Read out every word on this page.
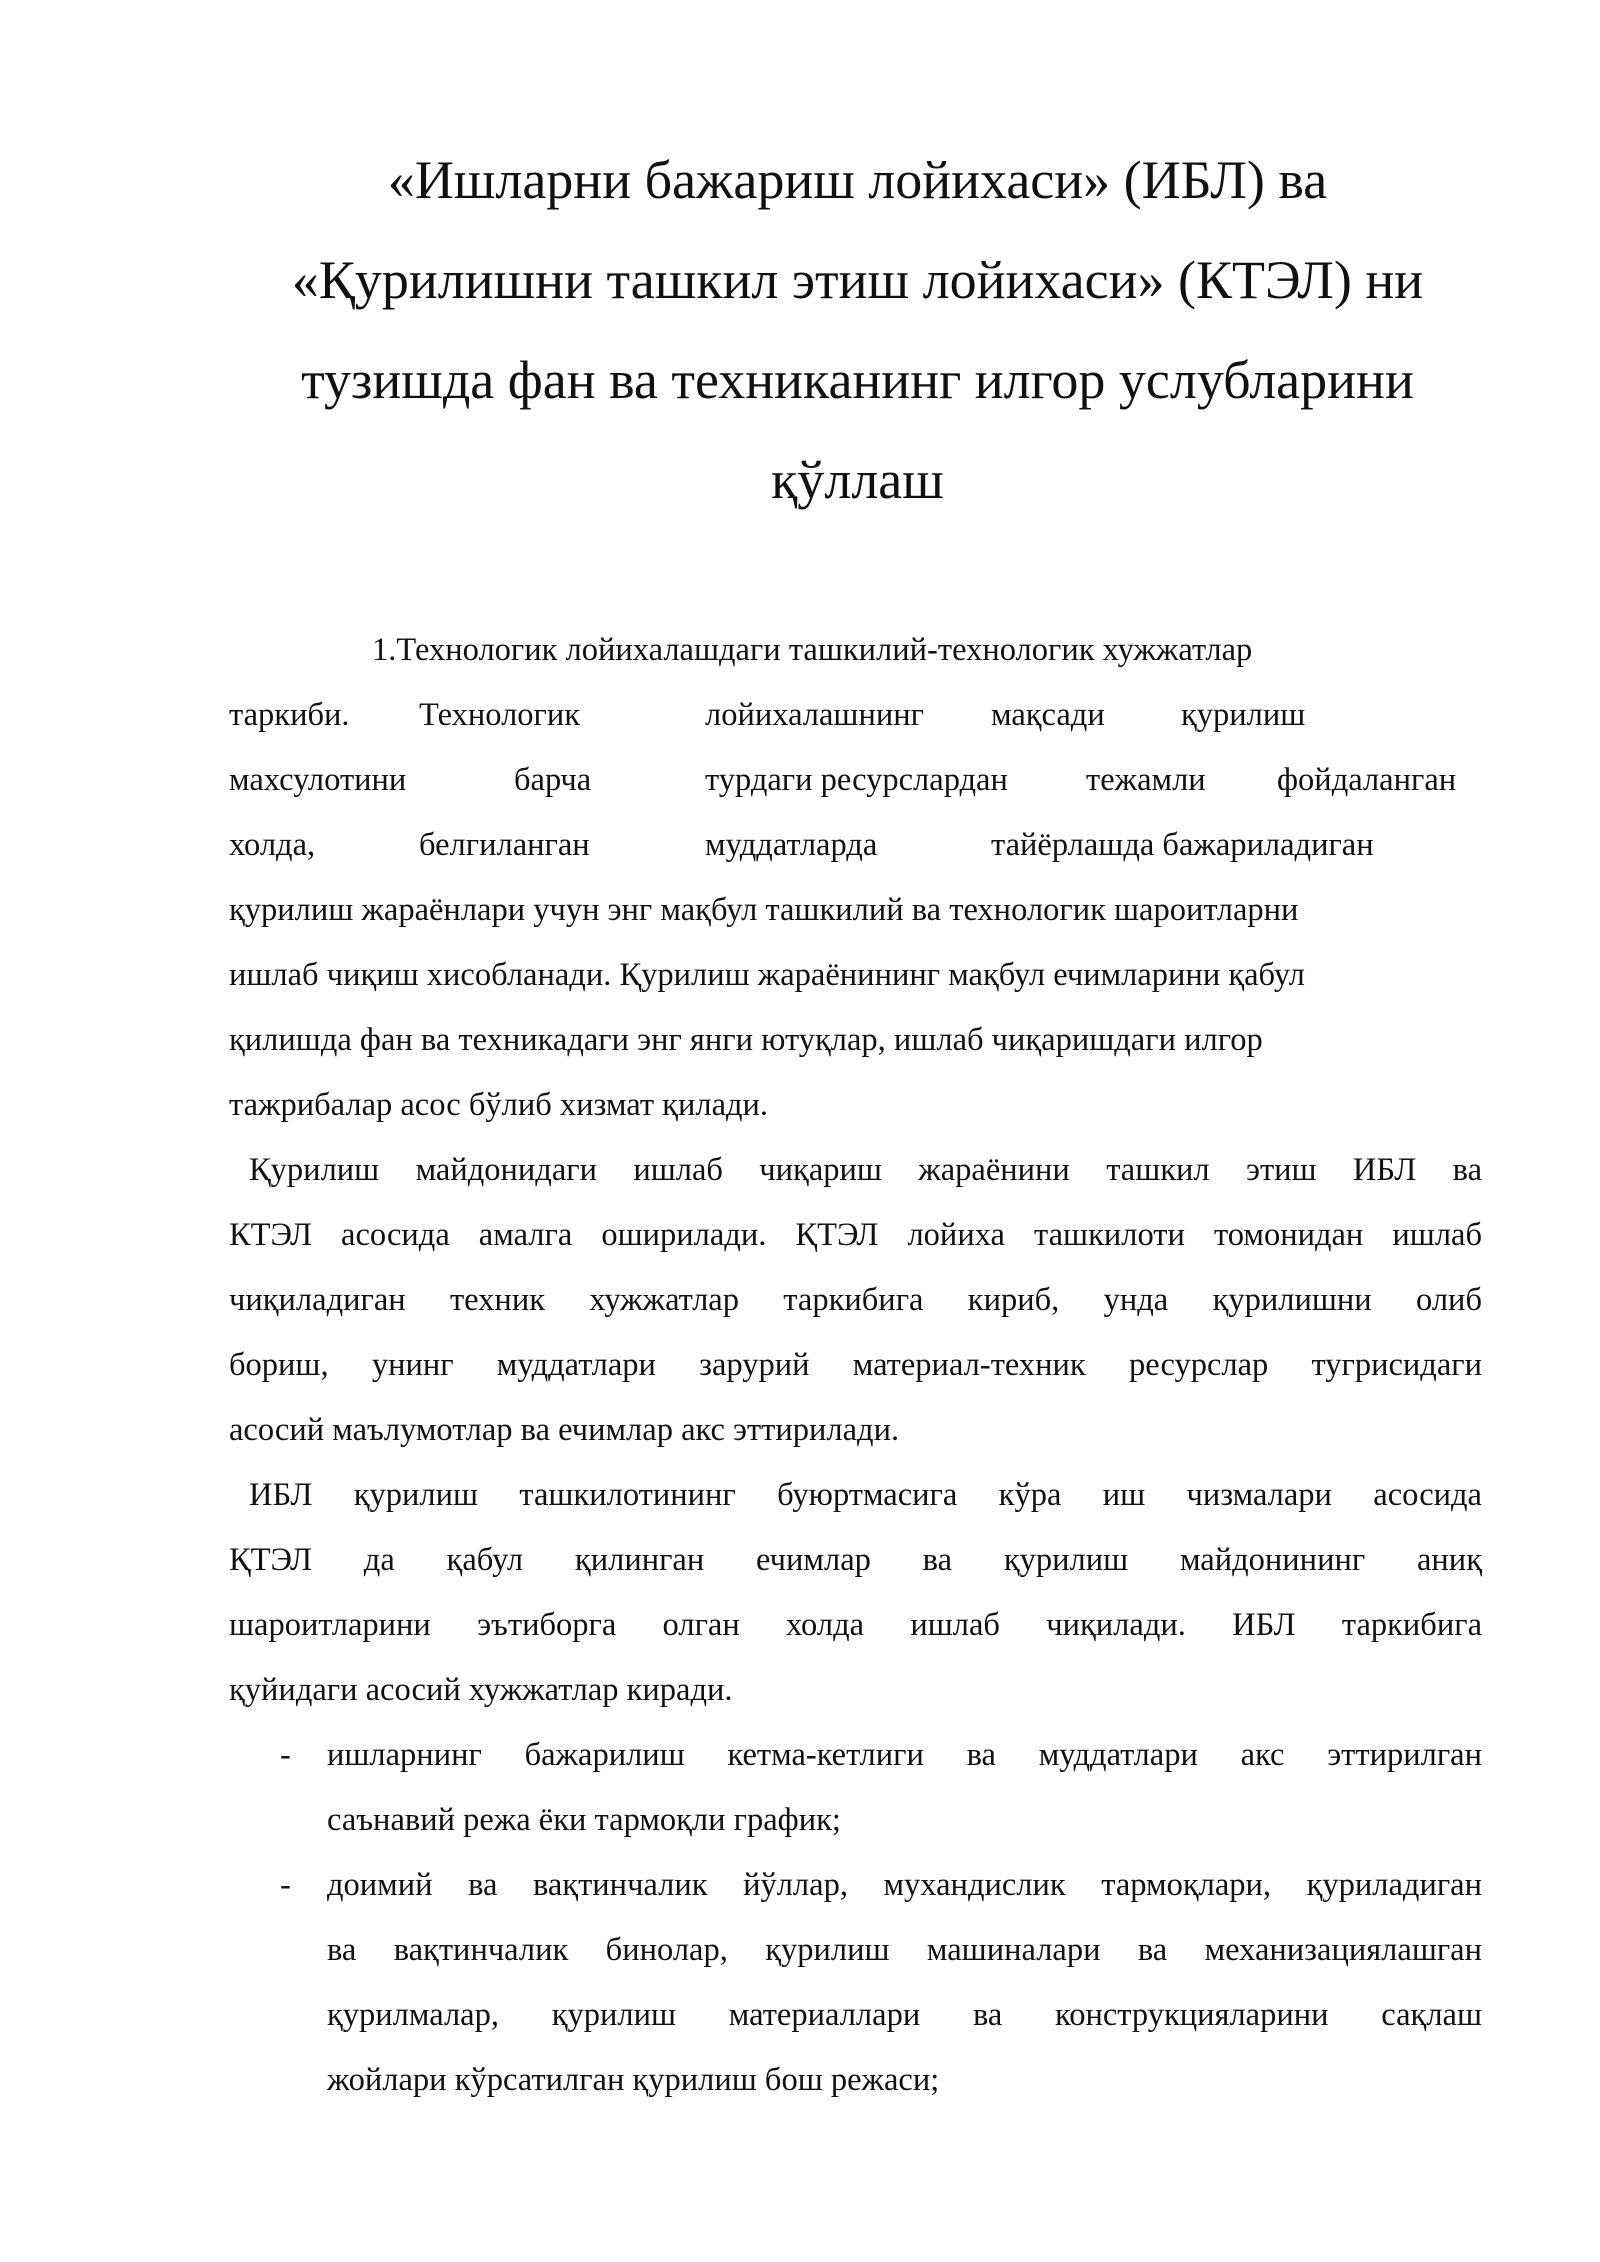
«Ишларни бажариш лойихаси» (ИБЛ) ва
«Қурилишни ташкил этиш лойихаси» (КТЭЛ) ни
тузишда фан ва техниканинг илгор услубларини
қўллаш
1.Технологик лойихалашдаги ташкилий-технологик хужжатлар
таркиби. Технологик	лойихалашнинг мақсади қурилиш
махсулотини	барча	турдаги ресурслардан тежамли фойдаланган
холда,	белгиланган	муддатларда	тайёрлашда бажариладиган
қурилиш жараёнлари учун энг мақбул ташкилий ва технологик шароитларни
ишлаб чиқиш хисобланади. Қурилиш жараёнининг мақбул ечимларини қабул
қилишда фан ва техникадаги энг янги ютуқлар, ишлаб чиқаришдаги илгор
тажрибалар асос бўлиб хизмат қилади.
Қурилиш майдонидаги ишлаб чиқариш жараёнини ташкил этиш ИБЛ ва
КТЭЛ асосида амалга оширилади. ҚТЭЛ лойиха ташкилоти томонидан ишлаб
чиқиладиган техник хужжатлар таркибига кириб, унда қурилишни олиб
бориш, унинг муддатлари зарурий материал-техник ресурслар тугрисидаги
асосий маълумотлар ва ечимлар акс эттирилади.
ИБЛ қурилиш ташкилотининг буюртмасига кўра иш чизмалари асосида
ҚТЭЛ да қабул қилинган ечимлар ва қурилиш майдонининг аниқ
шароитларини эътиборга олган холда ишлаб чиқилади. ИБЛ таркибига
қуйидаги асосий хужжатлар киради.
- ишларнинг бажарилиш кетма-кетлиги ва муддатлари акс эттирилган
саънавий режа ёки тармоқли график;
- доимий ва вақтинчалик йўллар, мухандислик тармоқлари, қуриладиган
ва вақтинчалик бинолар, қурилиш машиналари ва механизациялашган
қурилмалар, қурилиш материаллари ва конструкцияларини сақлаш
жойлари кўрсатилган қурилиш бош режаси;
